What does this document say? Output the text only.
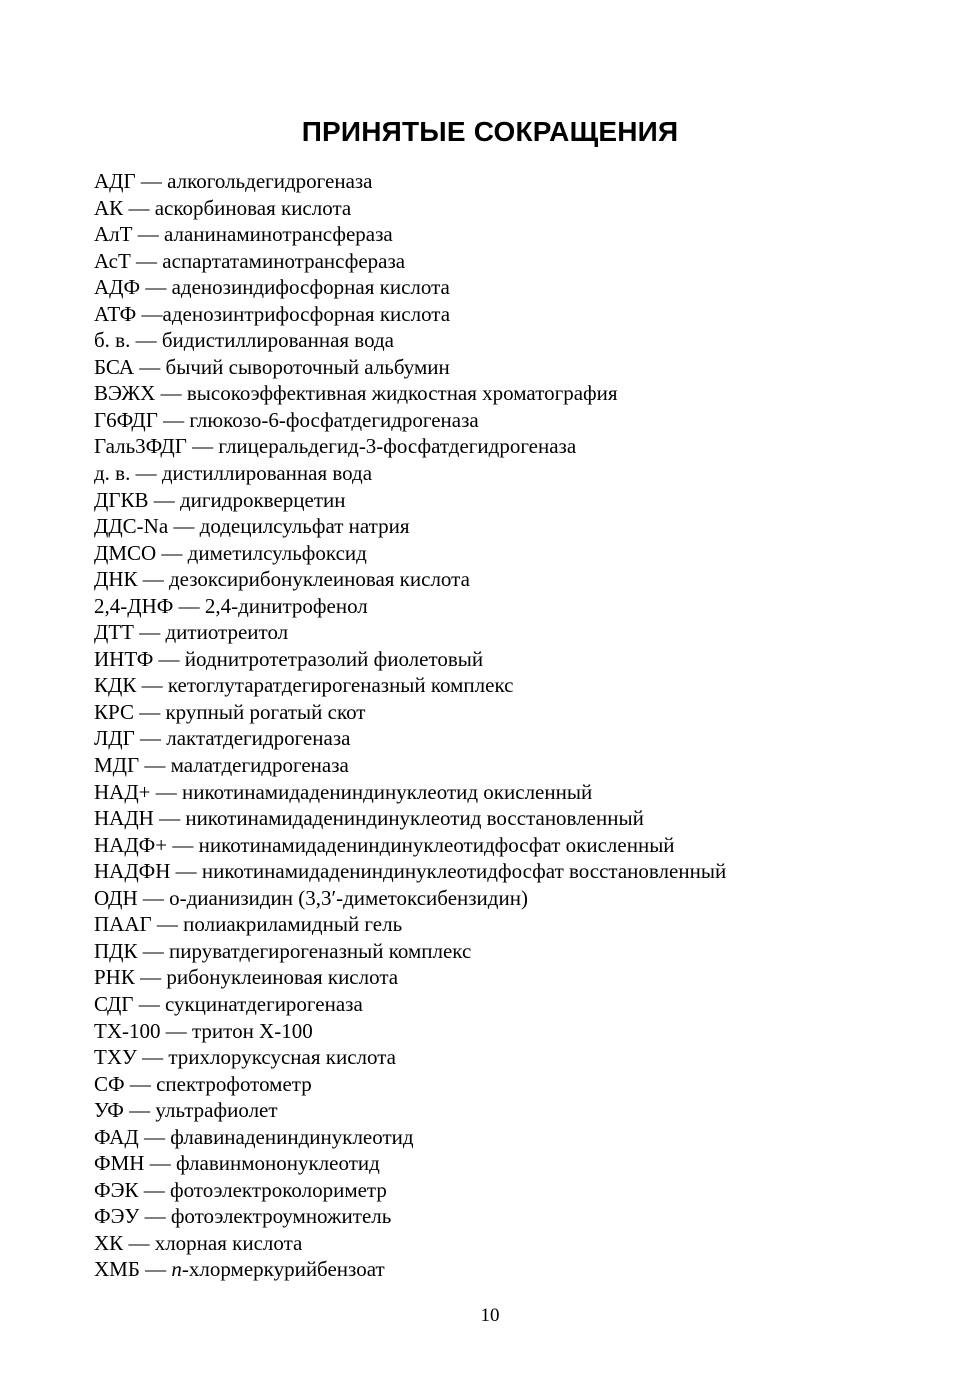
ПРИНЯТЫЕ СОКРАЩЕНИЯ
АДГ — алкогольдегидрогеназа
АК — аскорбиновая кислота
АлТ — аланинаминотрансфераза
АсТ — аспартатаминотрансфераза
АДФ — аденозиндифосфорная кислота
АТФ —аденозинтрифосфорная кислота
б. в. — бидистиллированная вода
БСА — бычий сывороточный альбумин
ВЭЖХ — высокоэффективная жидкостная хроматография
Г6ФДГ — глюкозо-6-фосфатдегидрогеназа
Галь3ФДГ — глицеральдегид-3-фосфатдегидрогеназа
д. в. — дистиллированная вода
ДГКВ — дигидрокверцетин
ДДС-Na — додецилсульфат натрия
ДМСО — диметилсульфоксид
ДНК — дезоксирибонуклеиновая кислота
2,4-ДНФ — 2,4-динитрофенол
ДТТ — дитиотреитол
ИНТФ — йоднитротетразолий фиолетовый
КДК — кетоглутаратдегирогеназный комплекс
КРС — крупный рогатый скот
ЛДГ — лактатдегидрогеназа
МДГ — малатдегидрогеназа
НАД+ — никотинамидадениндинуклеотид окисленный
НАДН — никотинамидадениндинуклеотид восстановленный
НАДФ+ — никотинамидадениндинуклеотидфосфат окисленный
НАДФН — никотинамидадениндинуклеотидфосфат восстановленный
ОДН — о-дианизидин (3,3′-диметоксибензидин)
ПААГ — полиакриламидный гель
ПДК — пируватдегирогеназный комплекс
РНК — рибонуклеиновая кислота
СДГ — сукцинатдегирогеназа
ТХ-100 — тритон Х-100
ТХУ — трихлоруксусная кислота
СФ — спектрофотометр
УФ — ультрафиолет
ФАД — флавинадениндинуклеотид
ФМН — флавинмононуклеотид
ФЭК — фотоэлектроколориметр
ФЭУ — фотоэлектроумножитель
ХК — хлорная кислота
ХМБ — п-хлормеркурийбензоат
10
